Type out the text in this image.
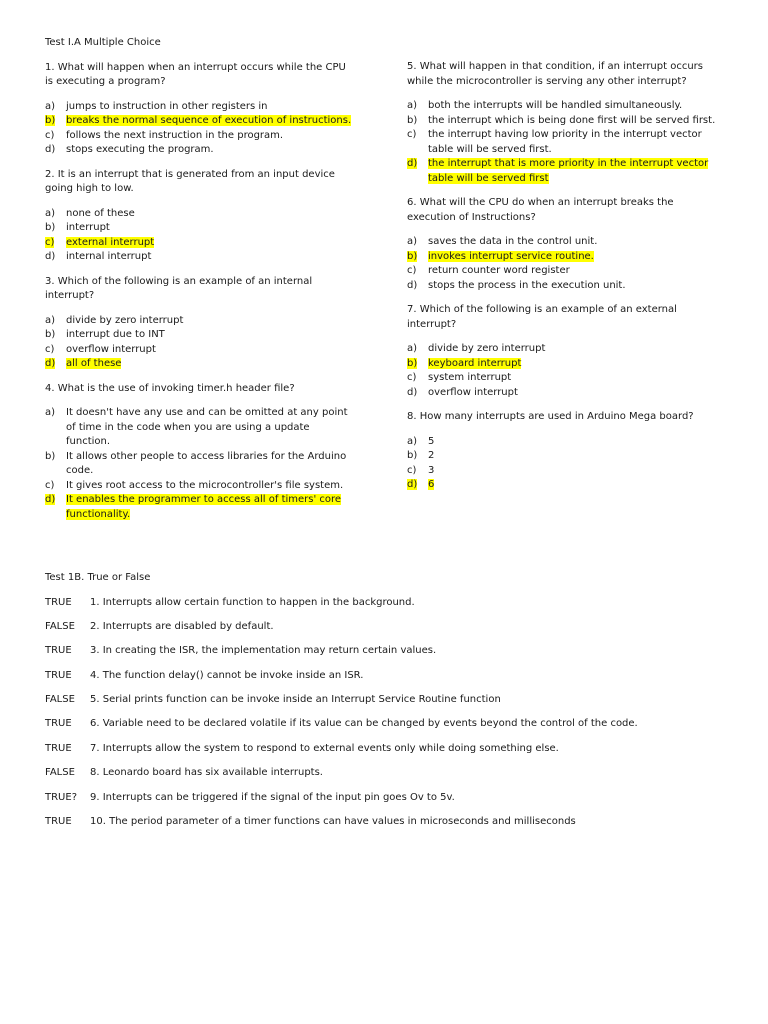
Test I.A Multiple Choice
1. What will happen when an interrupt occurs while the CPU is executing a program?
a)	jumps to instruction in other registers in
b)	breaks the normal sequence of execution of instructions.
c)	follows the next instruction in the program.
d)	stops executing the program.
2. It is an interrupt that is generated from an input device going high to low.
a)	none of these
b)	interrupt
c)	external interrupt
d)	internal interrupt
3. Which of the following is an example of an internal interrupt?
a)	divide by zero interrupt
b)	interrupt due to INT
c)	overflow interrupt
d)	all of these
4. What is the use of invoking timer.h header file?
a)	It doesn't have any use and can be omitted at any point of time in the code when you are using a update function.
b)	It allows other people to access libraries for the Arduino code.
c)	It gives root access to the microcontroller's file system.
d)	It enables the programmer to access all of timers' core functionality.
5. What will happen in that condition, if an interrupt occurs while the microcontroller is serving any other interrupt?
a)	both the interrupts will be handled simultaneously.
b)	the interrupt which is being done first will be served first.
c)	the interrupt having low priority in the interrupt vector table will be served first.
d)	the interrupt that is more priority in the interrupt vector table will be served first
6. What will the CPU do when an interrupt breaks the execution of Instructions?
a)	saves the data in the control unit.
b)	invokes interrupt service routine.
c)	return counter word register
d)	stops the process in the execution unit.
7. Which of the following is an example of an external interrupt?
a)	divide by zero interrupt
b)	keyboard interrupt
c)	system interrupt
d)	overflow interrupt
8. How many interrupts are used in Arduino Mega board?
a)	5
b)	2
c)	3
d)	6
Test 1B. True or False
TRUE	1. Interrupts allow certain function to happen in the background.
FALSE	2. Interrupts are disabled by default.
TRUE	3. In creating the ISR, the implementation may return certain values.
TRUE	4. The function delay() cannot be invoke inside an ISR.
FALSE	5. Serial prints function can be invoke inside an Interrupt Service Routine function
TRUE	6. Variable need to be declared volatile if its value can be changed by events beyond the control of the code.
TRUE	7. Interrupts allow the system to respond to external events only while doing something else.
FALSE	8. Leonardo board has six available interrupts.
TRUE?	9. Interrupts can be triggered if the signal of the input pin goes Ov to 5v.
TRUE	10. The period parameter of a timer functions can have values in microseconds and milliseconds
